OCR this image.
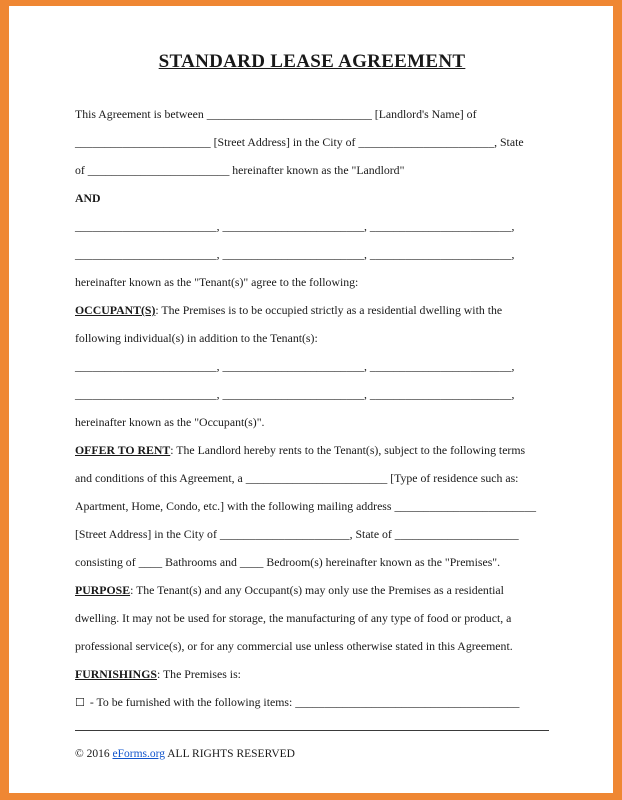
STANDARD LEASE AGREEMENT
This Agreement is between ____________________________ [Landlord's Name] of
_______________________ [Street Address] in the City of _______________________, State
of ________________________ hereinafter known as the "Landlord"
AND
________________________, ________________________, ________________________,
________________________, ________________________, ________________________,
hereinafter known as the "Tenant(s)" agree to the following:
OCCUPANT(S): The Premises is to be occupied strictly as a residential dwelling with the
following individual(s) in addition to the Tenant(s):
________________________, ________________________, ________________________,
________________________, ________________________, ________________________,
hereinafter known as the "Occupant(s)".
OFFER TO RENT: The Landlord hereby rents to the Tenant(s), subject to the following terms
and conditions of this Agreement, a ________________________ [Type of residence such as:
Apartment, Home, Condo, etc.] with the following mailing address ________________________
[Street Address] in the City of ______________________, State of _____________________
consisting of ____ Bathrooms and ____ Bedroom(s) hereinafter known as the "Premises".
PURPOSE: The Tenant(s) and any Occupant(s) may only use the Premises as a residential
dwelling. It may not be used for storage, the manufacturing of any type of food or product, a
professional service(s), or for any commercial use unless otherwise stated in this Agreement.
FURNISHINGS: The Premises is:
☐ - To be furnished with the following items: ______________________________________
© 2016 eForms.org ALL RIGHTS RESERVED
